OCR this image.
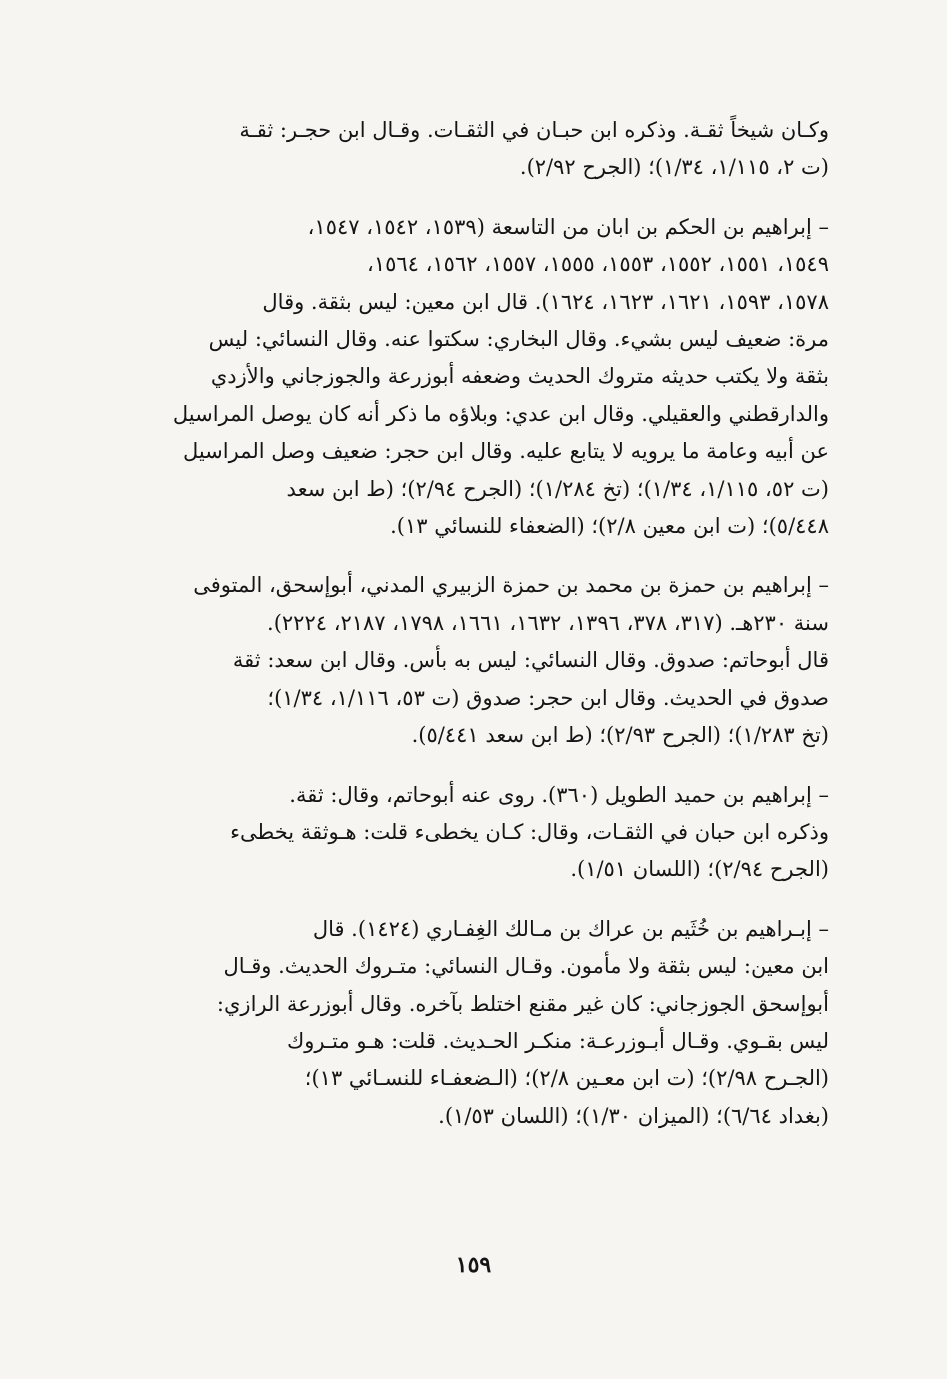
وكـان شيخاً ثقـة. وذكره ابن حبـان في الثقـات. وقـال ابن حجـر: ثقـة
(ت ٢، ١/١١٥، ١/٣٤)؛ (الجرح ٢/٩٢).
– إبراهيم بن الحكم بن ابان من التاسعة (١٥٣٩، ١٥٤٢، ١٥٤٧،
١٥٤٩، ١٥٥١، ١٥٥٢، ١٥٥٣، ١٥٥٥، ١٥٥٧، ١٥٦٢، ١٥٦٤،
١٥٧٨، ١٥٩٣، ١٦٢١، ١٦٢٣، ١٦٢٤). قال ابن معين: ليس بثقة. وقال
مرة: ضعيف ليس بشيء. وقال البخاري: سكتوا عنه. وقال النسائي: ليس
بثقة ولا يكتب حديثه متروك الحديث وضعفه أبوزرعة والجوزجاني والأزدي
والدارقطني والعقيلي. وقال ابن عدي: وبلاؤه ما ذكر أنه كان يوصل المراسيل
عن أبيه وعامة ما يرويه لا يتابع عليه. وقال ابن حجر: ضعيف وصل المراسيل
(ت ٥٢، ١/١١٥، ١/٣٤)؛ (تخ ١/٢٨٤)؛ (الجرح ٢/٩٤)؛ (ط ابن سعد
٥/٤٤٨)؛ (ت ابن معين ٢/٨)؛ (الضعفاء للنسائي ١٣).
– إبراهيم بن حمزة بن محمد بن حمزة الزبيري المدني، أبوإسحق، المتوفى
سنة ٢٣٠هـ. (٣١٧، ٣٧٨، ١٣٩٦، ١٦٣٢، ١٦٦١، ١٧٩٨، ٢١٨٧، ٢٢٢٤).
قال أبوحاتم: صدوق. وقال النسائي: ليس به بأس. وقال ابن سعد: ثقة
صدوق في الحديث. وقال ابن حجر: صدوق (ت ٥٣، ١/١١٦، ١/٣٤)؛
(تخ ١/٢٨٣)؛ (الجرح ٢/٩٣)؛ (ط ابن سعد ٥/٤٤١).
– إبراهيم بن حميد الطويل (٣٦٠). روى عنه أبوحاتم، وقال: ثقة.
وذكره ابن حبان في الثقـات، وقال: كـان يخطىء قلت: هـوثقة يخطىء
(الجرح ٢/٩٤)؛ (اللسان ١/٥١).
– إبـراهيم بن خُثَيم بن عراك بن مـالك الغِفـاري (١٤٢٤). قال
ابن معين: ليس بثقة ولا مأمون. وقـال النسائي: متـروك الحديث. وقـال
أبوإسحق الجوزجاني: كان غير مقنع اختلط بآخره. وقال أبوزرعة الرازي:
ليس بقـوي. وقـال أبـوزرعـة: منكـر الحـديث. قلت: هـو متـروك
(الجـرح ٢/٩٨)؛ (ت ابن معـين ٢/٨)؛ (الـضعفـاء للنسـائي ١٣)؛
(بغداد ٦/٦٤)؛ (الميزان ١/٣٠)؛ (اللسان ١/٥٣).
١٥٩
